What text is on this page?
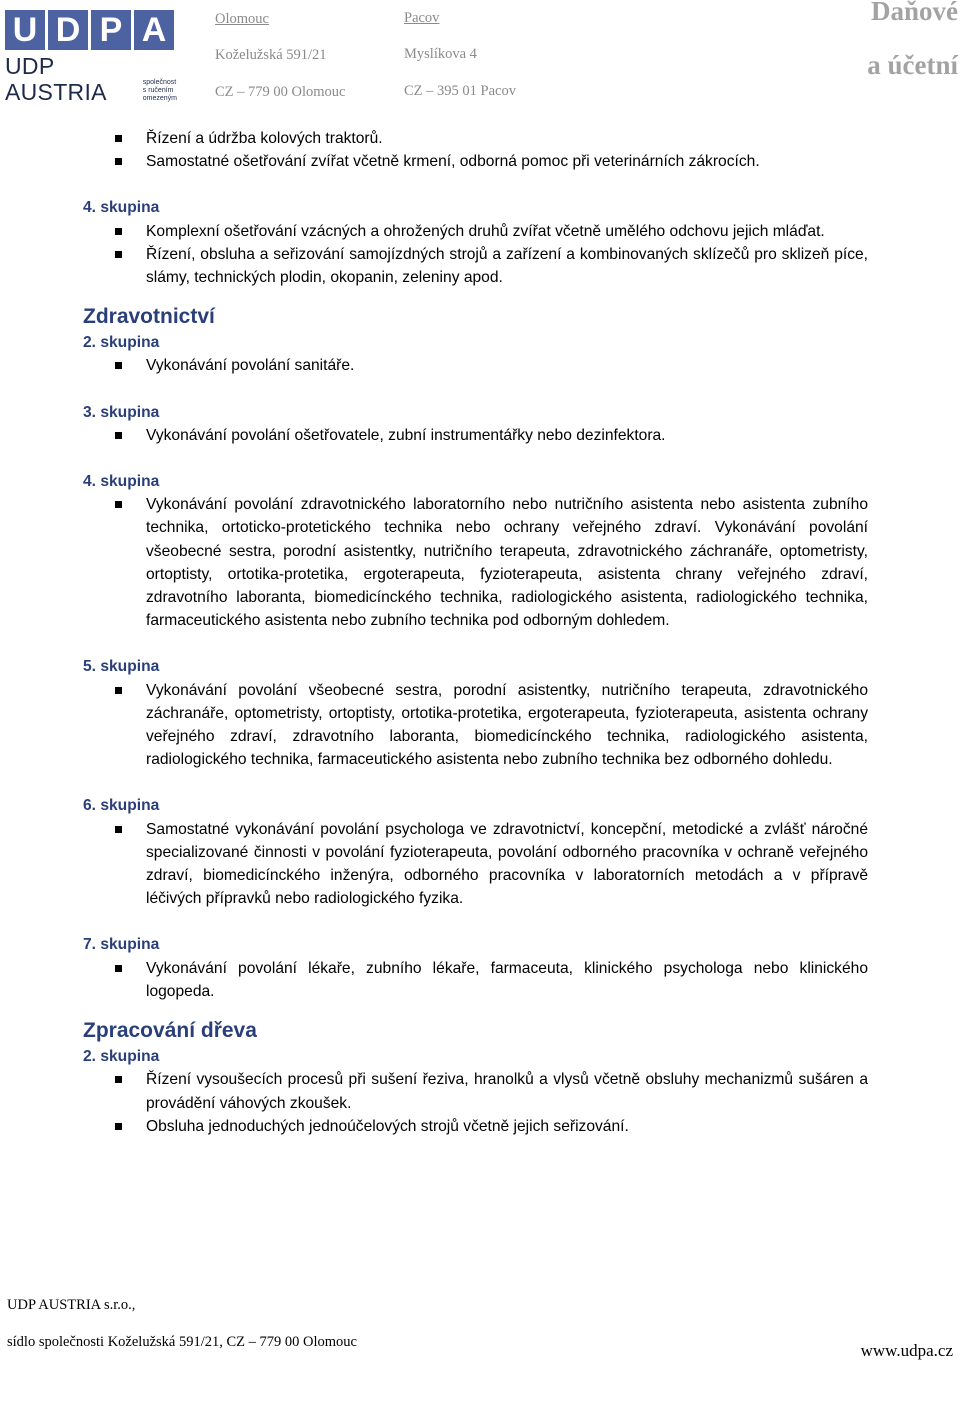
U D P A
UDP AUSTRIA	společnost
s ručením
omezeným
Olomouc
Koželužská 591/21
CZ – 779 00 Olomouc
Pacov
Myslíkova 4
CZ – 395 01 Pacov
Daňové
a účetní
Řízení a údržba kolových traktorů.
Samostatné ošetřování zvířat včetně krmení, odborná pomoc při veterinárních zákrocích.
4. skupina
Komplexní ošetřování vzácných a ohrožených druhů zvířat včetně umělého odchovu jejich mláďat.
Řízení, obsluha a seřizování samojízdných strojů a zařízení a kombinovaných sklízečů pro sklizeň píce, slámy, technických plodin, okopanin, zeleniny apod.
Zdravotnictví
2. skupina
Vykonávání povolání sanitáře.
3. skupina
Vykonávání povolání ošetřovatele, zubní instrumentářky nebo dezinfektora.
4. skupina
Vykonávání povolání zdravotnického laboratorního nebo nutričního asistenta nebo asistenta zubního technika, ortoticko-protetického technika nebo ochrany veřejného zdraví. Vykonávání povolání všeobecné sestra, porodní asistentky, nutričního terapeuta, zdravotnického záchranáře, optometristy, ortoptisty, ortotika-protetika, ergoterapeuta, fyzioterapeuta, asistenta chrany veřejného zdraví, zdravotního laboranta, biomedicínckého technika, radiologického asistenta, radiologického technika, farmaceutického asistenta nebo zubního technika pod odborným dohledem.
5. skupina
Vykonávání povolání všeobecné sestra, porodní asistentky, nutričního terapeuta, zdravotnického záchranáře, optometristy, ortoptisty, ortotika-protetika, ergoterapeuta, fyzioterapeuta, asistenta ochrany veřejného zdraví, zdravotního laboranta, biomedicínckého technika, radiologického asistenta, radiologického technika, farmaceutického asistenta nebo zubního technika bez odborného dohledu.
6. skupina
Samostatné vykonávání povolání psychologa ve zdravotnictví, koncepční, metodické a zvlášť náročné specializované činnosti v povolání fyzioterapeuta, povolání odborného pracovníka v ochraně veřejného zdraví, biomedicínckého inženýra, odborného pracovníka v laboratorních metodách a v přípravě léčivých přípravků nebo radiologického fyzika.
7. skupina
Vykonávání povolání lékaře, zubního lékaře, farmaceuta, klinického psychologa nebo klinického logopeda.
Zpracování dřeva
2. skupina
Řízení vysoušecích procesů při sušení řeziva, hranolků a vlysů včetně obsluhy mechanizmů sušáren a provádění váhových zkoušek.
Obsluha jednoduchých jednoúčelových strojů včetně jejich seřizování.
UDP AUSTRIA s.r.o.,
sídlo společnosti Koželužská 591/21, CZ – 779 00 Olomouc	www.udpa.cz
